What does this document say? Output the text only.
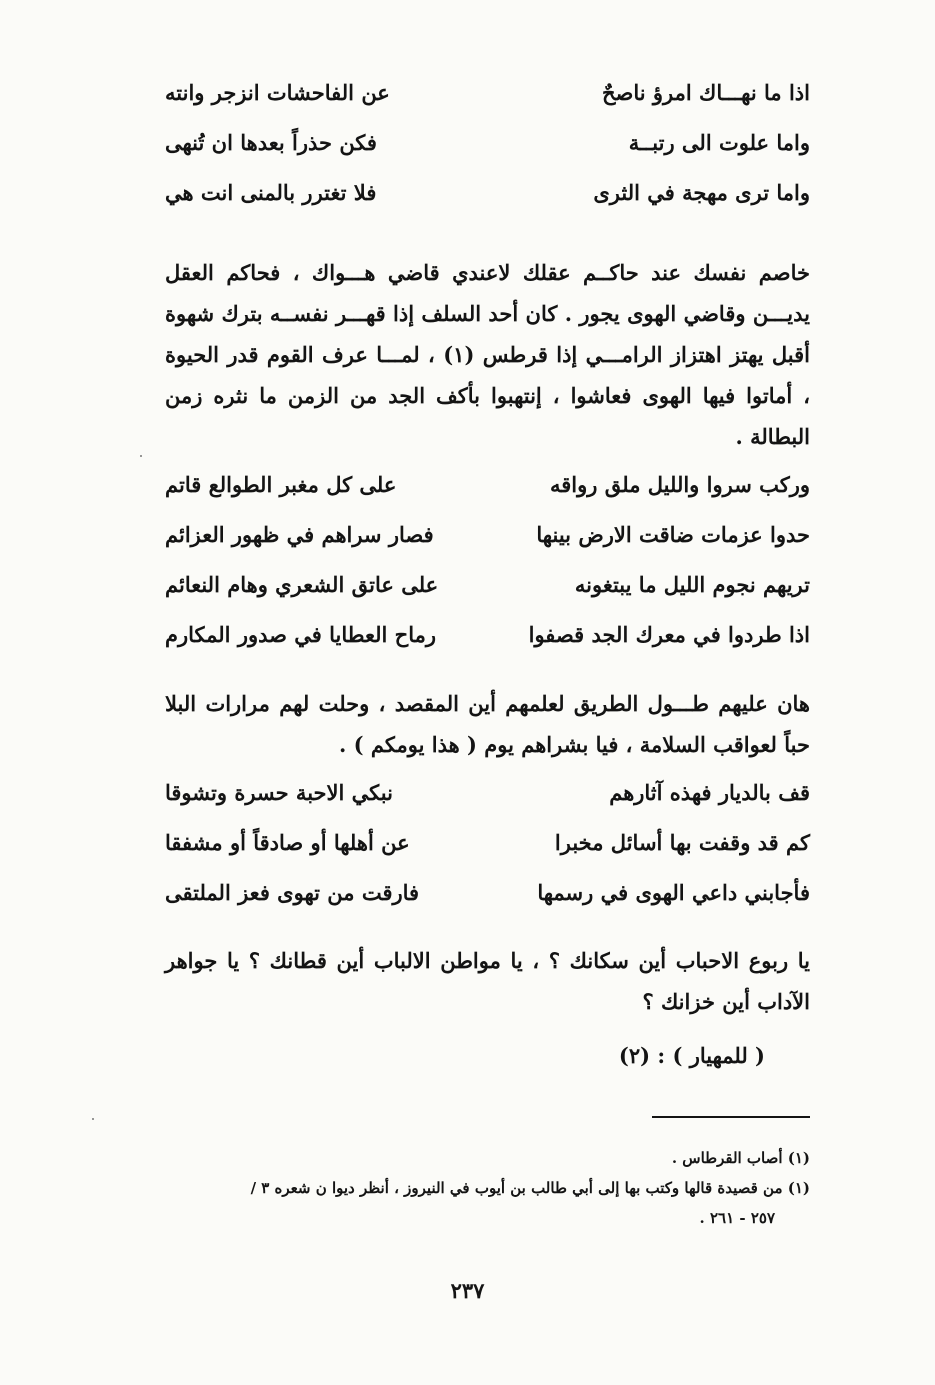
اذا ما نهـــاك امرؤ ناصحٌ
عن الفاحشات انزجر وانته
واما علوت الى رتبــة
فكن حذراً بعدها ان تُنهى
واما ترى مهجة في الثرى
فلا تغترر بالمنى انت هي

خاصم نفسك عند حاكــم عقلك لاعندي قاضي هـــواك ، فحاكم العقل يديـــن وقاضي الهوى يجور . كان أحد السلف إذا قهـــر نفســه بترك شهوة أقبل يهتز اهتزاز الرامـــي إذا قرطس (١) ، لمـــا عرف القوم قدر الحيوة ، أماتوا فيها الهوى فعاشوا ، إنتهبوا بأكف الجد من الزمن ما نثره زمن البطالة .

وركب سروا والليل ملق رواقه
على كل مغبر الطوالع قاتم
حدوا عزمات ضاقت الارض بينها
فصار سراهم في ظهور العزائم
تريهم نجوم الليل ما يبتغونه
على عاتق الشعري وهام النعائم
اذا طردوا في معرك الجد قصفوا
رماح العطايا في صدور المكارم

هان عليهم طـــول الطريق لعلمهم أين المقصد ، وحلت لهم مرارات البلا حباً لعواقب السلامة ، فيا بشراهم يوم ( هذا يومكم ) .

قف بالديار فهذه آثارهم
نبكي الاحبة حسرة وتشوقا
كم قد وقفت بها أسائل مخبرا
عن أهلها أو صادقاً أو مشفقا
فأجابني داعي الهوى في رسمها
فارقت من تهوى فعز الملتقى

يا ربوع الاحباب أين سكانك ؟ ، يا مواطن الالباب أين قطانك ؟ يا جواهر الآداب أين خزانك ؟

( للمهيار ) : (٢)
(١) أصاب القرطاس .
(١) من قصيدة قالها وكتب بها إلى أبي طالب بن أيوب في النيروز ، أنظر ديوا ن شعره ٣ /
٢٥٧ - ٢٦١ .
٢٣٧
